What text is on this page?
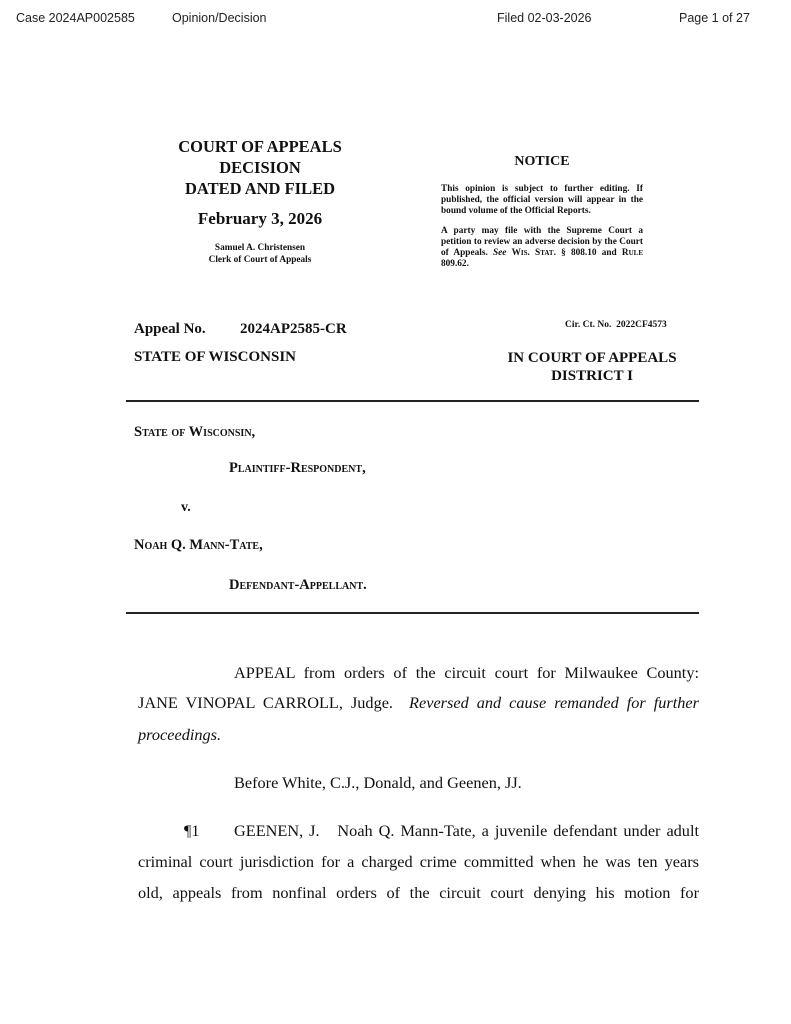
Case 2024AP002585	Opinion/Decision	Filed 02-03-2026	Page 1 of 27
COURT OF APPEALS
DECISION
DATED AND FILED
February 3, 2026
Samuel A. Christensen
Clerk of Court of Appeals
NOTICE
This opinion is subject to further editing. If published, the official version will appear in the bound volume of the Official Reports.
A party may file with the Supreme Court a petition to review an adverse decision by the Court of Appeals. See Wis. Stat. § 808.10 and Rule 809.62.
Appeal No. 2024AP2585-CR	Cir. Ct. No.  2022CF4573
STATE OF WISCONSIN	IN COURT OF APPEALS
DISTRICT I
State of Wisconsin,
Plaintiff-Respondent,
v.
Noah Q. Mann-Tate,
Defendant-Appellant.
APPEAL from orders of the circuit court for Milwaukee County:
JANE VINOPAL CARROLL, Judge. Reversed and cause remanded for further
proceedings.
Before White, C.J., Donald, and Geenen, JJ.
¶1 GEENEN, J.   Noah Q. Mann-Tate, a juvenile defendant under adult
criminal court jurisdiction for a charged crime committed when he was ten years
old, appeals from nonfinal orders of the circuit court denying his motion for
